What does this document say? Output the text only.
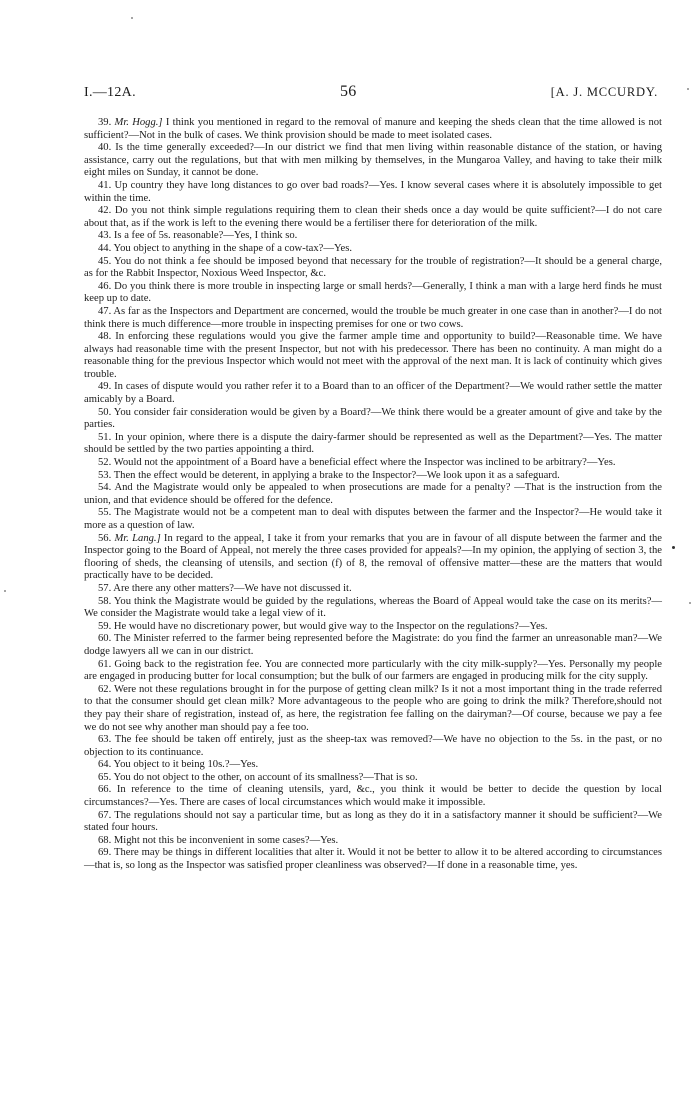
I.—12A.	56	[A. J. MCCURDY.

39. Mr. Hogg.] I think you mentioned in regard to the removal of manure and keeping the sheds clean that the time allowed is not sufficient?—Not in the bulk of cases. We think provision should be made to meet isolated cases.

40. Is the time generally exceeded?—In our district we find that men living within reasonable distance of the station, or having assistance, carry out the regulations, but that with men milking by themselves, in the Mungaroa Valley, and having to take their milk eight miles on Sunday, it cannot be done.

41. Up country they have long distances to go over bad roads?—Yes. I know several cases where it is absolutely impossible to get within the time.

42. Do you not think simple regulations requiring them to clean their sheds once a day would be quite sufficient?—I do not care about that, as if the work is left to the evening there would be a fertiliser there for deterioration of the milk.

43. Is a fee of 5s. reasonable?—Yes, I think so.

44. You object to anything in the shape of a cow-tax?—Yes.

45. You do not think a fee should be imposed beyond that necessary for the trouble of registration?—It should be a general charge, as for the Rabbit Inspector, Noxious Weed Inspector, &c.

46. Do you think there is more trouble in inspecting large or small herds?—Generally, I think a man with a large herd finds he must keep up to date.

47. As far as the Inspectors and Department are concerned, would the trouble be much greater in one case than in another?—I do not think there is much difference—more trouble in inspecting premises for one or two cows.

48. In enforcing these regulations would you give the farmer ample time and opportunity to build?—Reasonable time. We have always had reasonable time with the present Inspector, but not with his predecessor. There has been no continuity. A man might do a reasonable thing for the previous Inspector which would not meet with the approval of the next man. It is lack of continuity which gives trouble.

49. In cases of dispute would you rather refer it to a Board than to an officer of the Department?—We would rather settle the matter amicably by a Board.

50. You consider fair consideration would be given by a Board?—We think there would be a greater amount of give and take by the parties.

51. In your opinion, where there is a dispute the dairy-farmer should be represented as well as the Department?—Yes. The matter should be settled by the two parties appointing a third.

52. Would not the appointment of a Board have a beneficial effect where the Inspector was inclined to be arbitrary?—Yes.

53. Then the effect would be deterent, in applying a brake to the Inspector?—We look upon it as a safeguard.

54. And the Magistrate would only be appealed to when prosecutions are made for a penalty? —That is the instruction from the union, and that evidence should be offered for the defence.

55. The Magistrate would not be a competent man to deal with disputes between the farmer and the Inspector?—He would take it more as a question of law.

56. Mr. Lang.] In regard to the appeal, I take it from your remarks that you are in favour of all dispute between the farmer and the Inspector going to the Board of Appeal, not merely the three cases provided for appeals?—In my opinion, the applying of section 3, the flooring of sheds, the cleansing of utensils, and section (f) of 8, the removal of offensive matter—these are the matters that would practically have to be decided.

57. Are there any other matters?—We have not discussed it.

58. You think the Magistrate would be guided by the regulations, whereas the Board of Appeal would take the case on its merits?—We consider the Magistrate would take a legal view of it.

59. He would have no discretionary power, but would give way to the Inspector on the regulations?—Yes.

60. The Minister referred to the farmer being represented before the Magistrate: do you find the farmer an unreasonable man?—We dodge lawyers all we can in our district.

61. Going back to the registration fee. You are connected more particularly with the city milk-supply?—Yes. Personally my people are engaged in producing butter for local consumption; but the bulk of our farmers are engaged in producing milk for the city supply.

62. Were not these regulations brought in for the purpose of getting clean milk? Is it not a most important thing in the trade referred to that the consumer should get clean milk? More advantageous to the people who are going to drink the milk? Therefore,should not they pay their share of registration, instead of, as here, the registration fee falling on the dairyman?—Of course, because we pay a fee we do not see why another man should pay a fee too.

63. The fee should be taken off entirely, just as the sheep-tax was removed?—We have no objection to the 5s. in the past, or no objection to its continuance.

64. You object to it being 10s.?—Yes.

65. You do not object to the other, on account of its smallness?—That is so.

66. In reference to the time of cleaning utensils, yard, &c., you think it would be better to decide the question by local circumstances?—Yes. There are cases of local circumstances which would make it impossible.

67. The regulations should not say a particular time, but as long as they do it in a satisfactory manner it should be sufficient?—We stated four hours.

68. Might not this be inconvenient in some cases?—Yes.

69. There may be things in different localities that alter it. Would it not be better to allow it to be altered according to circumstances—that is, so long as the Inspector was satisfied proper cleanliness was observed?—If done in a reasonable time, yes.
